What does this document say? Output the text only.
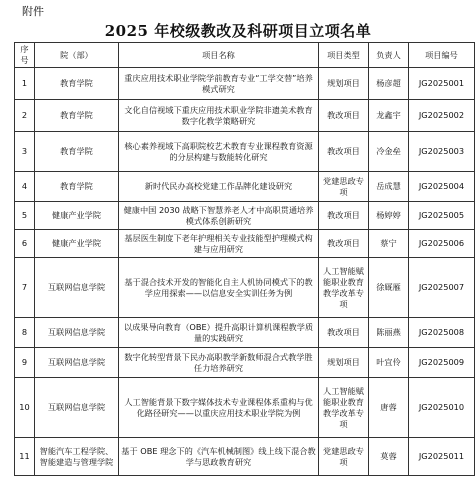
附件
2025 年校级教改及科研项目立项名单
序号	院（部）	项目名称	项目类型	负责人	项目编号
1	教育学院	重庆应用技术职业学院学前教育专业“工学交替”培养模式研究	规划项目	杨彦超	JG2025001
2	教育学院	文化自信视域下重庆应用技术职业学院非遗美术教育数字化教学策略研究	教改项目	龙鑫宇	JG2025002
3	教育学院	核心素养视域下高职院校艺术教育专业课程教育资源的分层构建与数能转化研究	教改项目	冷金垒	JG2025003
4	教育学院	新时代民办高校党建工作品牌化建设研究	党建思政专项	岳成慧	JG2025004
5	健康产业学院	健康中国 2030 战略下智慧养老人才中高职贯通培养模式体系创新研究	教改项目	杨婷婷	JG2025005
6	健康产业学院	基层医生制度下老年护理相关专业技能型护理模式构建与应用研究	教改项目	蔡宁	JG2025006
7	互联网信息学院	基于混合技术开发的智能化自主人机协同模式下的教学应用探索——以信息安全实训任务为例	人工智能赋能职业教育教学改革专项	徐厩雁	JG2025007
8	互联网信息学院	以成果导向教育（OBE）提升高职计算机课程教学质量的实践研究	教改项目	陈丽燕	JG2025008
9	互联网信息学院	数字化转型背景下民办高职教学新数师混合式教学胜任力培养研究	规划项目	叶宜伶	JG2025009
10	互联网信息学院	人工智能背景下数字媒体技术专业课程体系重构与优化路径研究——以重庆应用技术职业学院为例	人工智能赋能职业教育教学改革专项	唐蓉	JG2025010
11	智能汽车工程学院、智能建造与管理学院	基于 OBE 理念下的《汽车机械制图》线上线下混合教学与思政教育研究	党建思政专项	莫蓉	JG2025011
